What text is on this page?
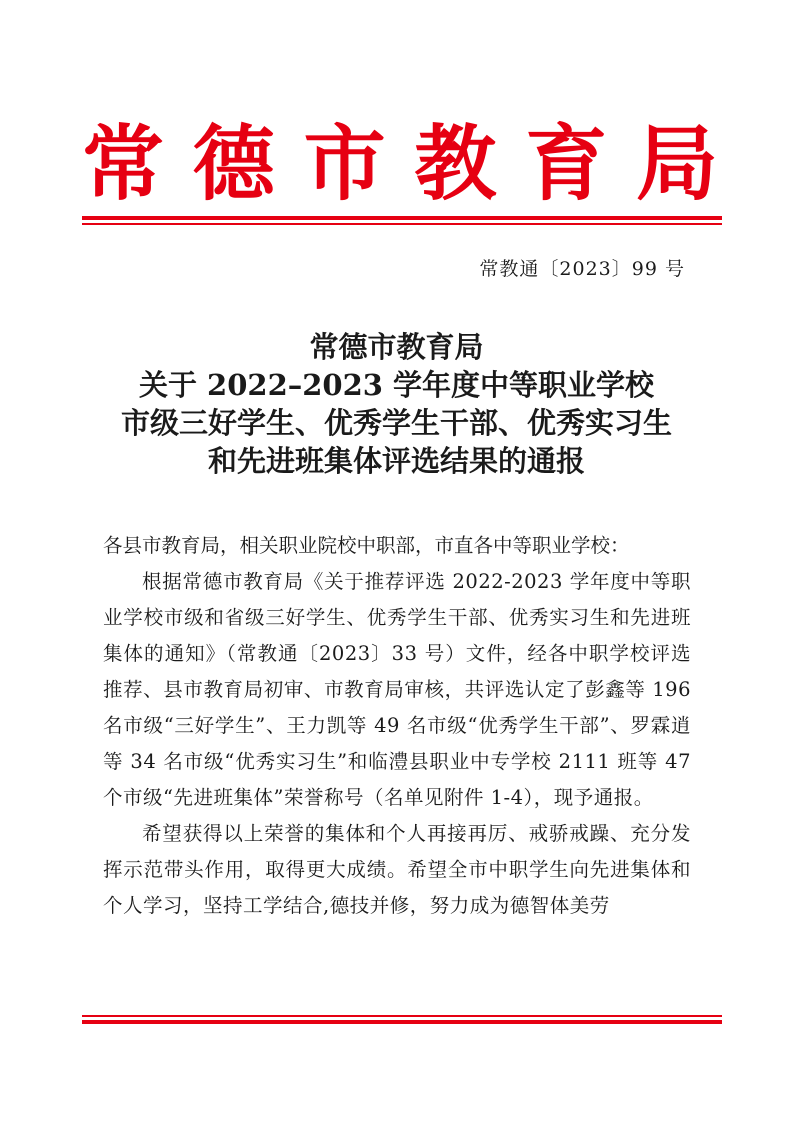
常 德 市 教 育 局
常教通〔2023〕99 号
常德市教育局
关于 2022–2023 学年度中等职业学校
市级三好学生、优秀学生干部、优秀实习生
和先进班集体评选结果的通报
各县市教育局，相关职业院校中职部，市直各中等职业学校：

根据常德市教育局《关于推荐评选 2022-2023 学年度中等职业学校市级和省级三好学生、优秀学生干部、优秀实习生和先进班集体的通知》（常教通〔2023〕33 号）文件，经各中职学校评选推荐、县市教育局初审、市教育局审核，共评选认定了彭鑫等 196 名市级“三好学生”、王力凯等 49 名市级“优秀学生干部”、罗霖逍等 34 名市级“优秀实习生”和临澧县职业中专学校 2111 班等 47 个市级“先进班集体”荣誉称号（名单见附件 1-4），现予通报。

希望获得以上荣誉的集体和个人再接再厉、戒骄戒躁、充分发挥示范带头作用，取得更大成绩。希望全市中职学生向先进集体和个人学习，坚持工学结合,德技并修，努力成为德智体美劳
